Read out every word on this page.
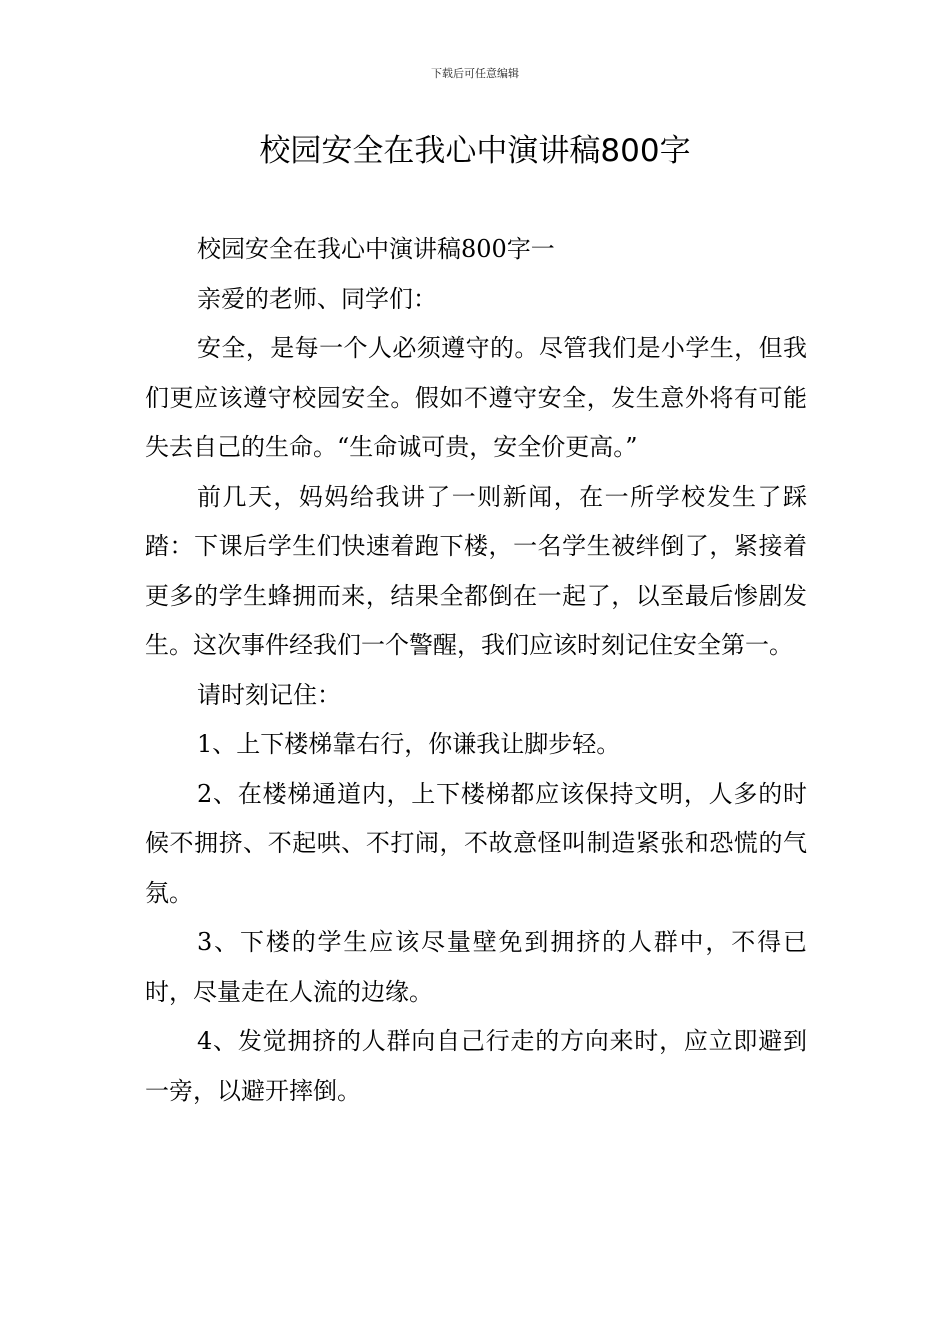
下载后可任意编辑
校园安全在我心中演讲稿800字

校园安全在我心中演讲稿800字一

亲爱的老师、同学们：

安全，是每一个人必须遵守的。尽管我们是小学生，但我们更应该遵守校园安全。假如不遵守安全，发生意外将有可能失去自己的生命。“生命诚可贵，安全价更高。”

前几天，妈妈给我讲了一则新闻，在一所学校发生了踩踏：下课后学生们快速着跑下楼，一名学生被绊倒了，紧接着更多的学生蜂拥而来，结果全都倒在一起了，以至最后惨剧发生。这次事件经我们一个警醒，我们应该时刻记住安全第一。

请时刻记住：

1、上下楼梯靠右行，你谦我让脚步轻。

2、在楼梯通道内，上下楼梯都应该保持文明，人多的时候不拥挤、不起哄、不打闹，不故意怪叫制造紧张和恐慌的气氛。

3、下楼的学生应该尽量壁免到拥挤的人群中，不得已时，尽量走在人流的边缘。

4、发觉拥挤的人群向自己行走的方向来时，应立即避到一旁，以避开摔倒。
